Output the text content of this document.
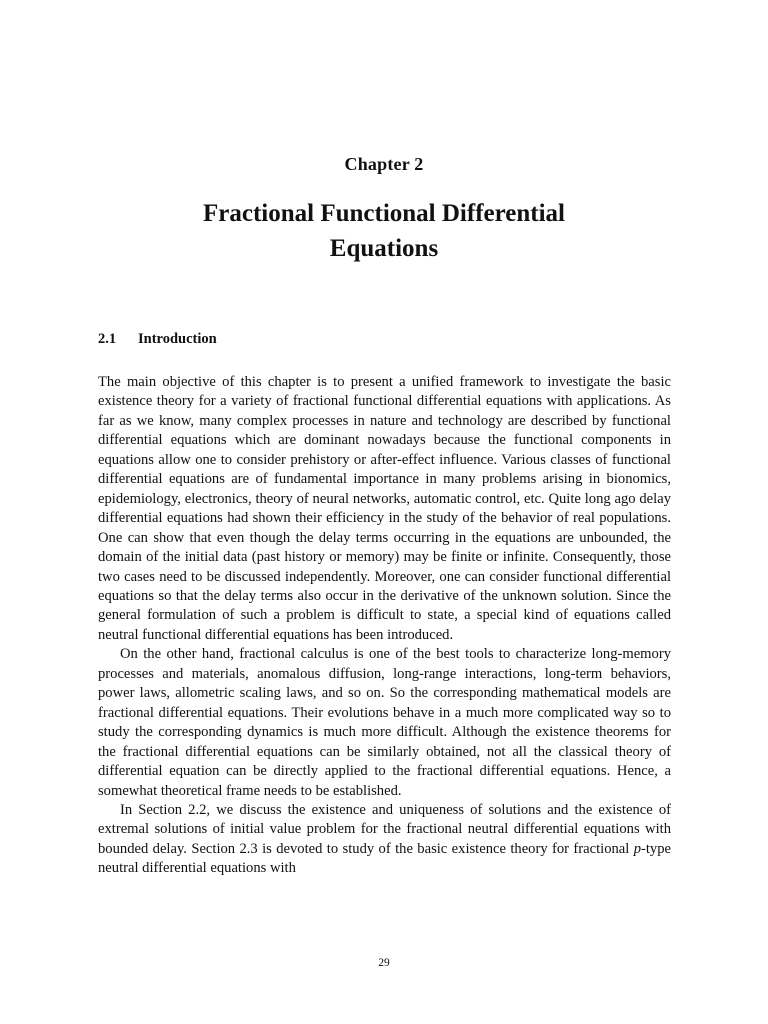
Chapter 2
Fractional Functional Differential
Equations
2.1 Introduction

The main objective of this chapter is to present a unified framework to investigate the basic existence theory for a variety of fractional functional differential equations with applications. As far as we know, many complex processes in nature and technology are described by functional differential equations which are dominant nowadays because the functional components in equations allow one to consider prehistory or after-effect influence. Various classes of functional differential equations are of fundamental importance in many problems arising in bionomics, epidemiology, electronics, theory of neural networks, automatic control, etc. Quite long ago delay differential equations had shown their efficiency in the study of the behavior of real populations. One can show that even though the delay terms occurring in the equations are unbounded, the domain of the initial data (past history or memory) may be finite or infinite. Consequently, those two cases need to be discussed independently. Moreover, one can consider functional differential equations so that the delay terms also occur in the derivative of the unknown solution. Since the general formulation of such a problem is difficult to state, a special kind of equations called neutral functional differential equations has been introduced.

On the other hand, fractional calculus is one of the best tools to characterize long-memory processes and materials, anomalous diffusion, long-range interactions, long-term behaviors, power laws, allometric scaling laws, and so on. So the corresponding mathematical models are fractional differential equations. Their evolutions behave in a much more complicated way so to study the corresponding dynamics is much more difficult. Although the existence theorems for the fractional differential equations can be similarly obtained, not all the classical theory of differential equation can be directly applied to the fractional differential equations. Hence, a somewhat theoretical frame needs to be established.

In Section 2.2, we discuss the existence and uniqueness of solutions and the existence of extremal solutions of initial value problem for the fractional neutral differential equations with bounded delay. Section 2.3 is devoted to study of the basic existence theory for fractional p-type neutral differential equations with

29
